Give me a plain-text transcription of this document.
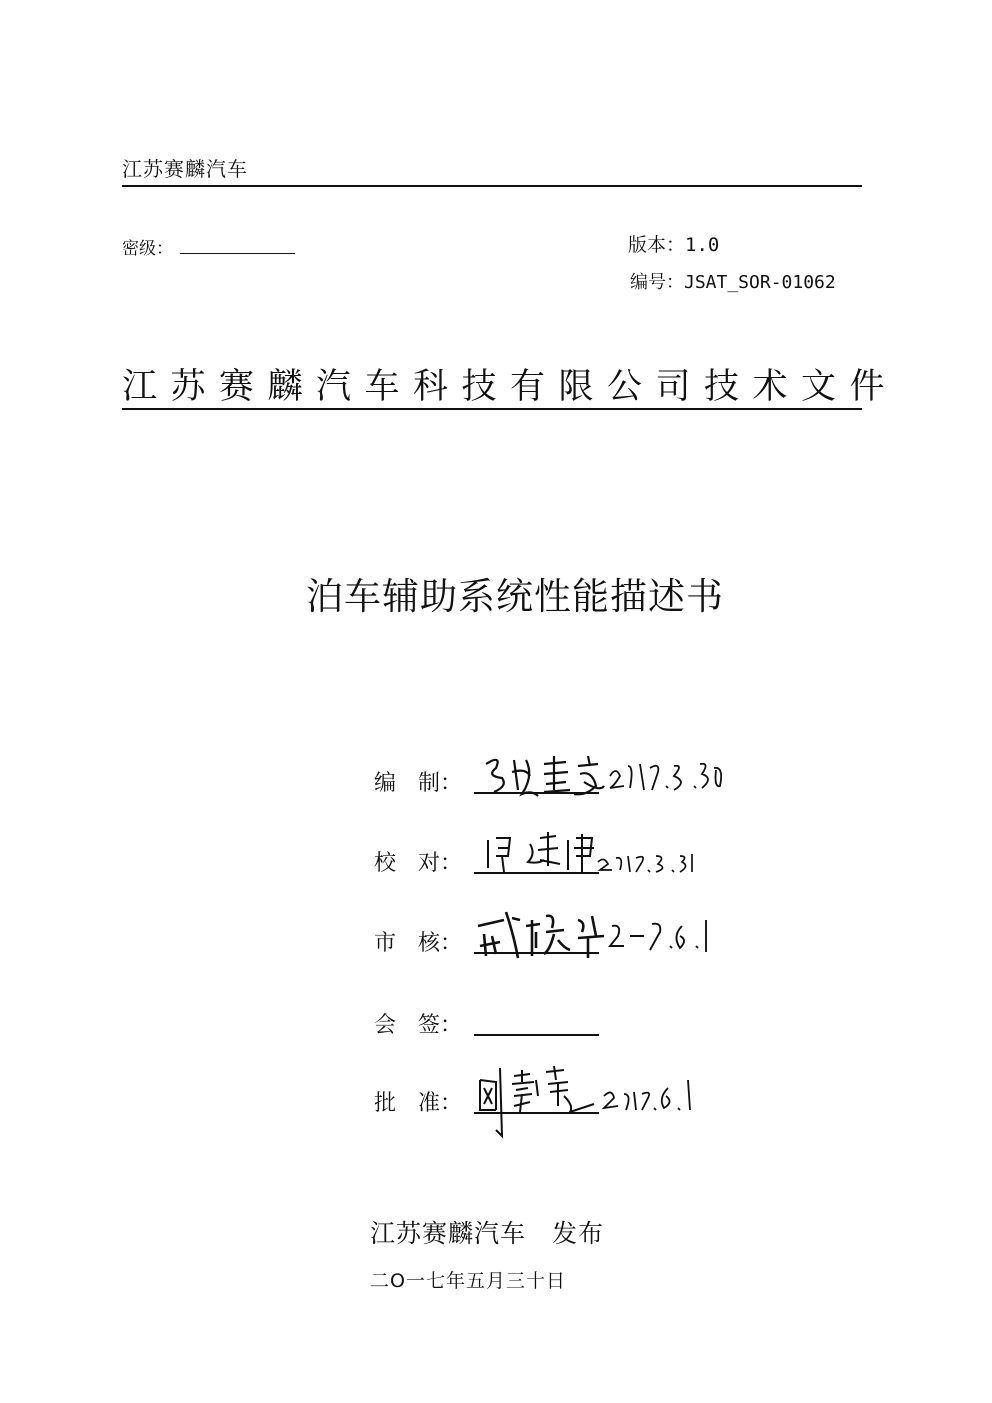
江苏赛麟汽车
密级：	版本：1.0
编号：JSAT_SOR-01062
江苏赛麟汽车科技有限公司技术文件
泊车辅助系统性能描述书
编 制：
校 对：
市 核：
会 签：
批 准：
江苏赛麟汽车　发布
二O一七年五月三十日
